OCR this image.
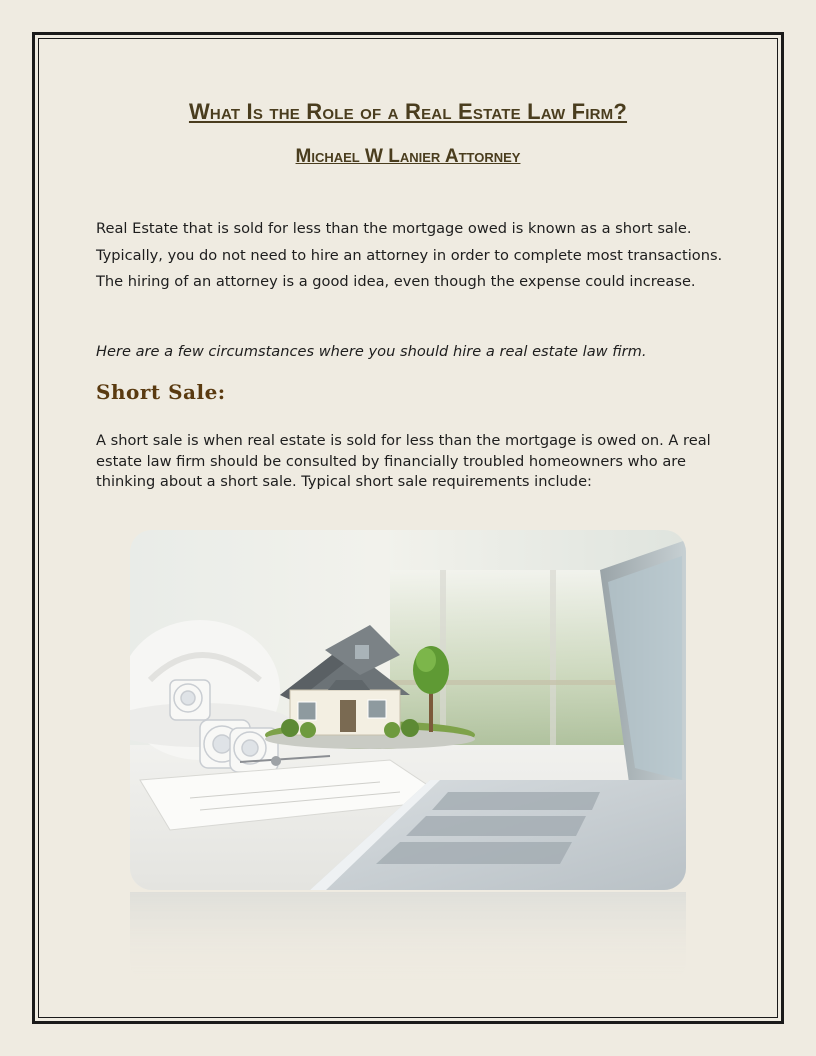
What Is the Role of a Real Estate Law Firm?
Michael W Lanier Attorney

Real Estate that is sold for less than the mortgage owed is known as a short sale. Typically, you do not need to hire an attorney in order to complete most transactions. The hiring of an attorney is a good idea, even though the expense could increase.

Here are a few circumstances where you should hire a real estate law firm.

Short Sale:

A short sale is when real estate is sold for less than the mortgage is owed on. A real estate law firm should be consulted by financially troubled homeowners who are thinking about a short sale. Typical short sale requirements include:
